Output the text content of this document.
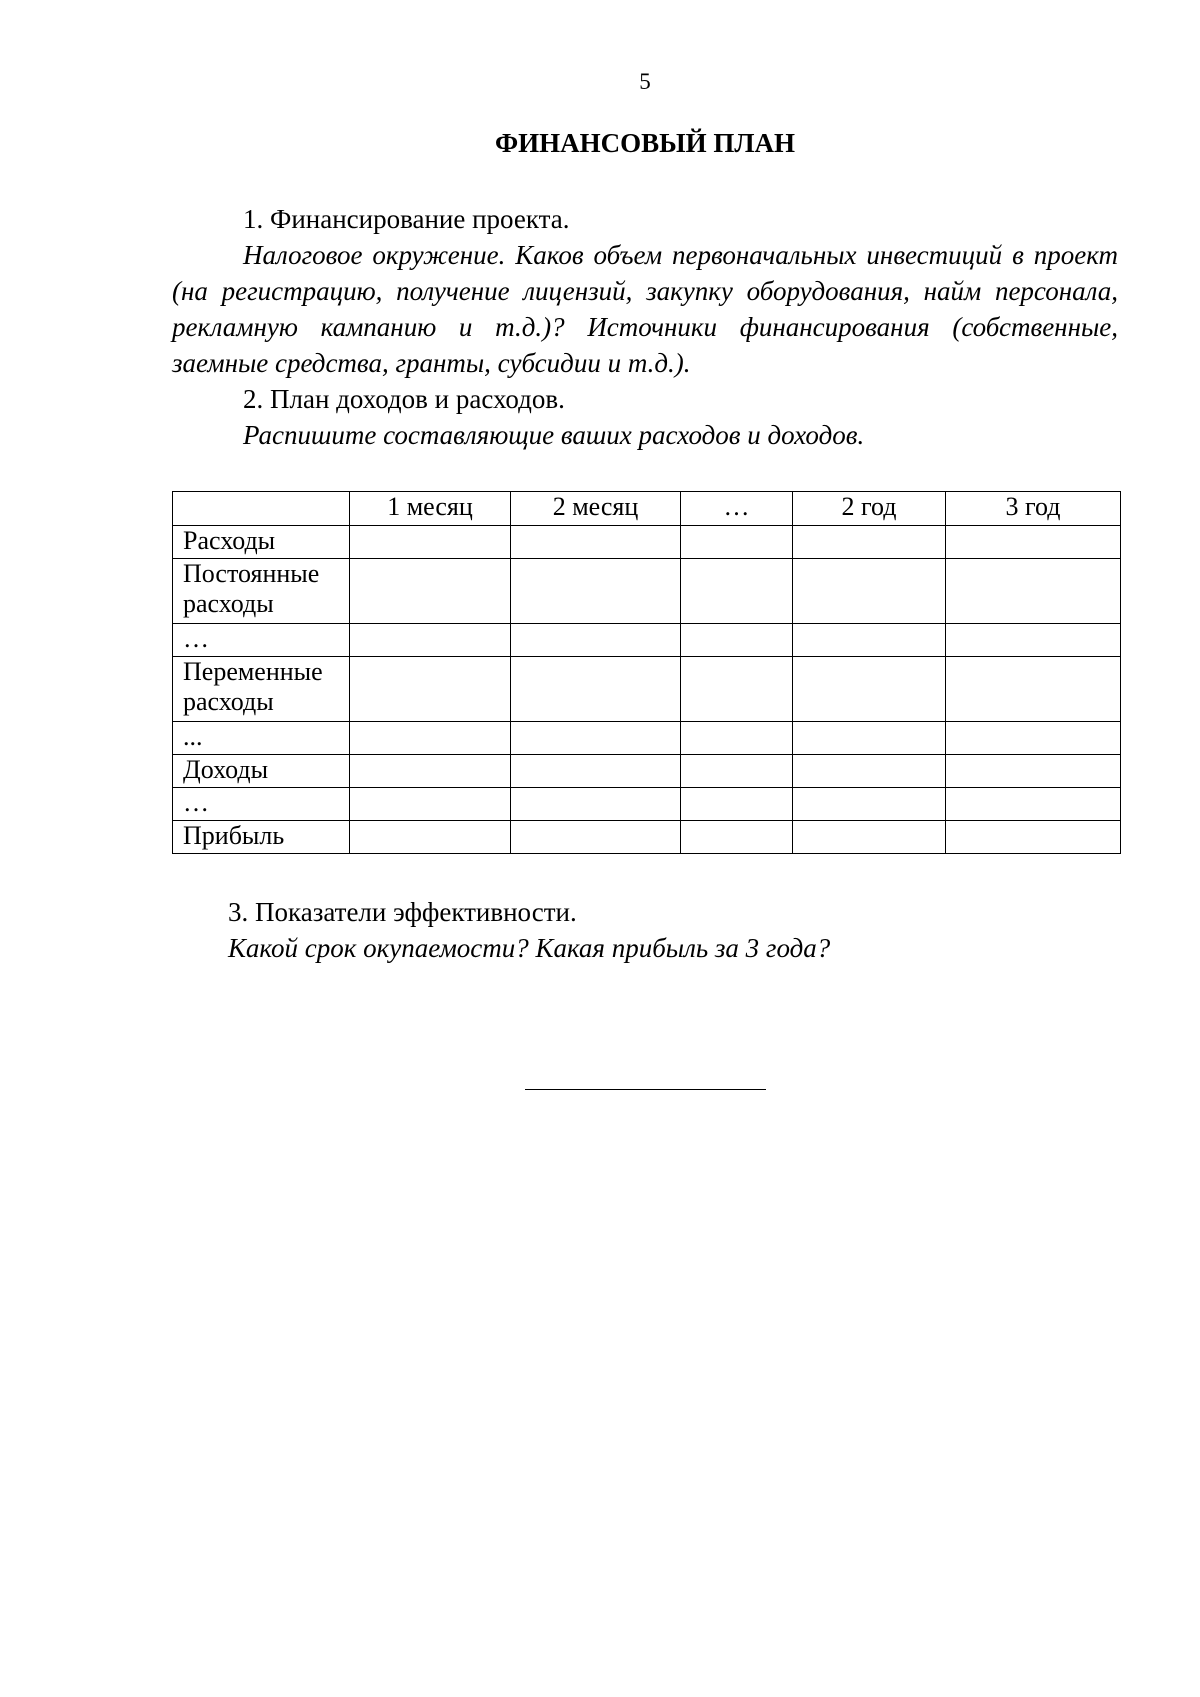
5
ФИНАНСОВЫЙ ПЛАН
1. Финансирование проекта.
Налоговое окружение. Каков объем первоначальных инвестиций в проект (на регистрацию, получение лицензий, закупку оборудования, найм персонала, рекламную кампанию и т.д.)? Источники финансирования (собственные, заемные средства, гранты, субсидии и т.д.).
2. План доходов и расходов.
Распишите составляющие ваших расходов и доходов.
	1 месяц	2 месяц	…	2 год	3 год
Расходы					
Постоянные расходы					
…					
Переменные расходы					
...					
Доходы					
…					
Прибыль					
3. Показатели эффективности.
Какой срок окупаемости? Какая прибыль за 3 года?
